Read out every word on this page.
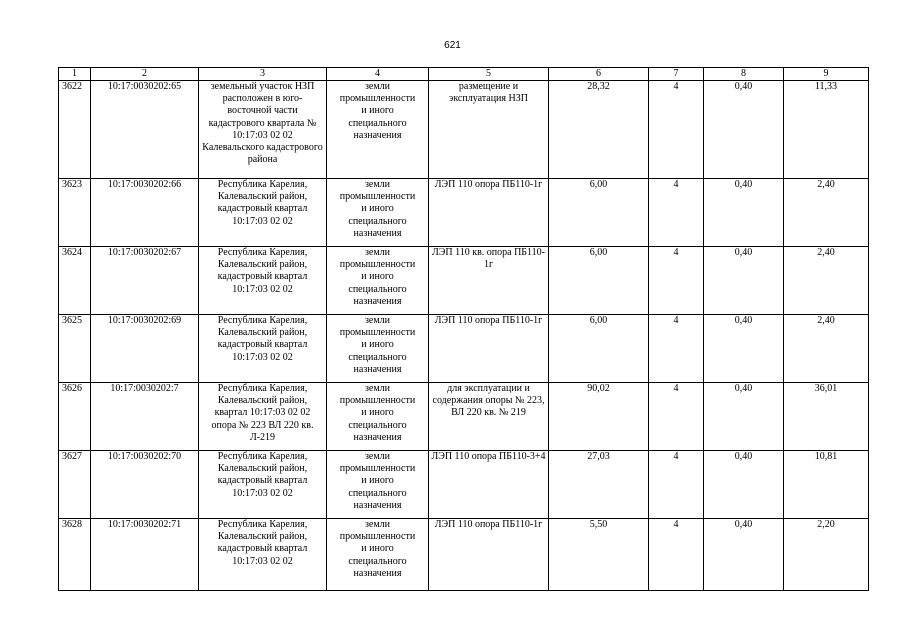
621
1	2	3	4	5	6	7	8	9
3622	10:17:0030202:65	земельный участок НЗП расположен в юго-восточной части кадастрового квартала № 10:17:03 02 02 Калевальского кадастрового района	земли
промышленности
и иного
специального
назначения	размещение и эксплуатация НЗП	28,32	4	0,40	11,33
3623	10:17:0030202:66	Республика Карелия, Калевальский район, кадастровый квартал 10:17:03 02 02	земли
промышленности
и иного
специального
назначения	ЛЭП 110 опора ПБ110-1г	6,00	4	0,40	2,40
3624	10:17:0030202:67	Республика Карелия, Калевальский район, кадастровый квартал 10:17:03 02 02	земли
промышленности
и иного
специального
назначения	ЛЭП 110 кв. опора ПБ110-1г	6,00	4	0,40	2,40
3625	10:17:0030202:69	Республика Карелия, Калевальский район, кадастровый квартал 10:17:03 02 02	земли
промышленности
и иного
специального
назначения	ЛЭП 110 опора ПБ110-1г	6,00	4	0,40	2,40
3626	10:17:0030202:7	Республика Карелия, Калевальский район, квартал 10:17:03 02 02 опора № 223 ВЛ 220 кв. Л-219	земли
промышленности
и иного
специального
назначения	для эксплуатации и содержания опоры № 223, ВЛ 220 кв. № 219	90,02	4	0,40	36,01
3627	10:17:0030202:70	Республика Карелия, Калевальский район, кадастровый квартал 10:17:03 02 02	земли
промышленности
и иного
специального
назначения	ЛЭП 110 опора ПБ110-3+4	27,03	4	0,40	10,81
3628	10:17:0030202:71	Республика Карелия, Калевальский район, кадастровый квартал 10:17:03 02 02	земли
промышленности
и иного
специального
назначения	ЛЭП 110 опора ПБ110-1г	5,50	4	0,40	2,20
